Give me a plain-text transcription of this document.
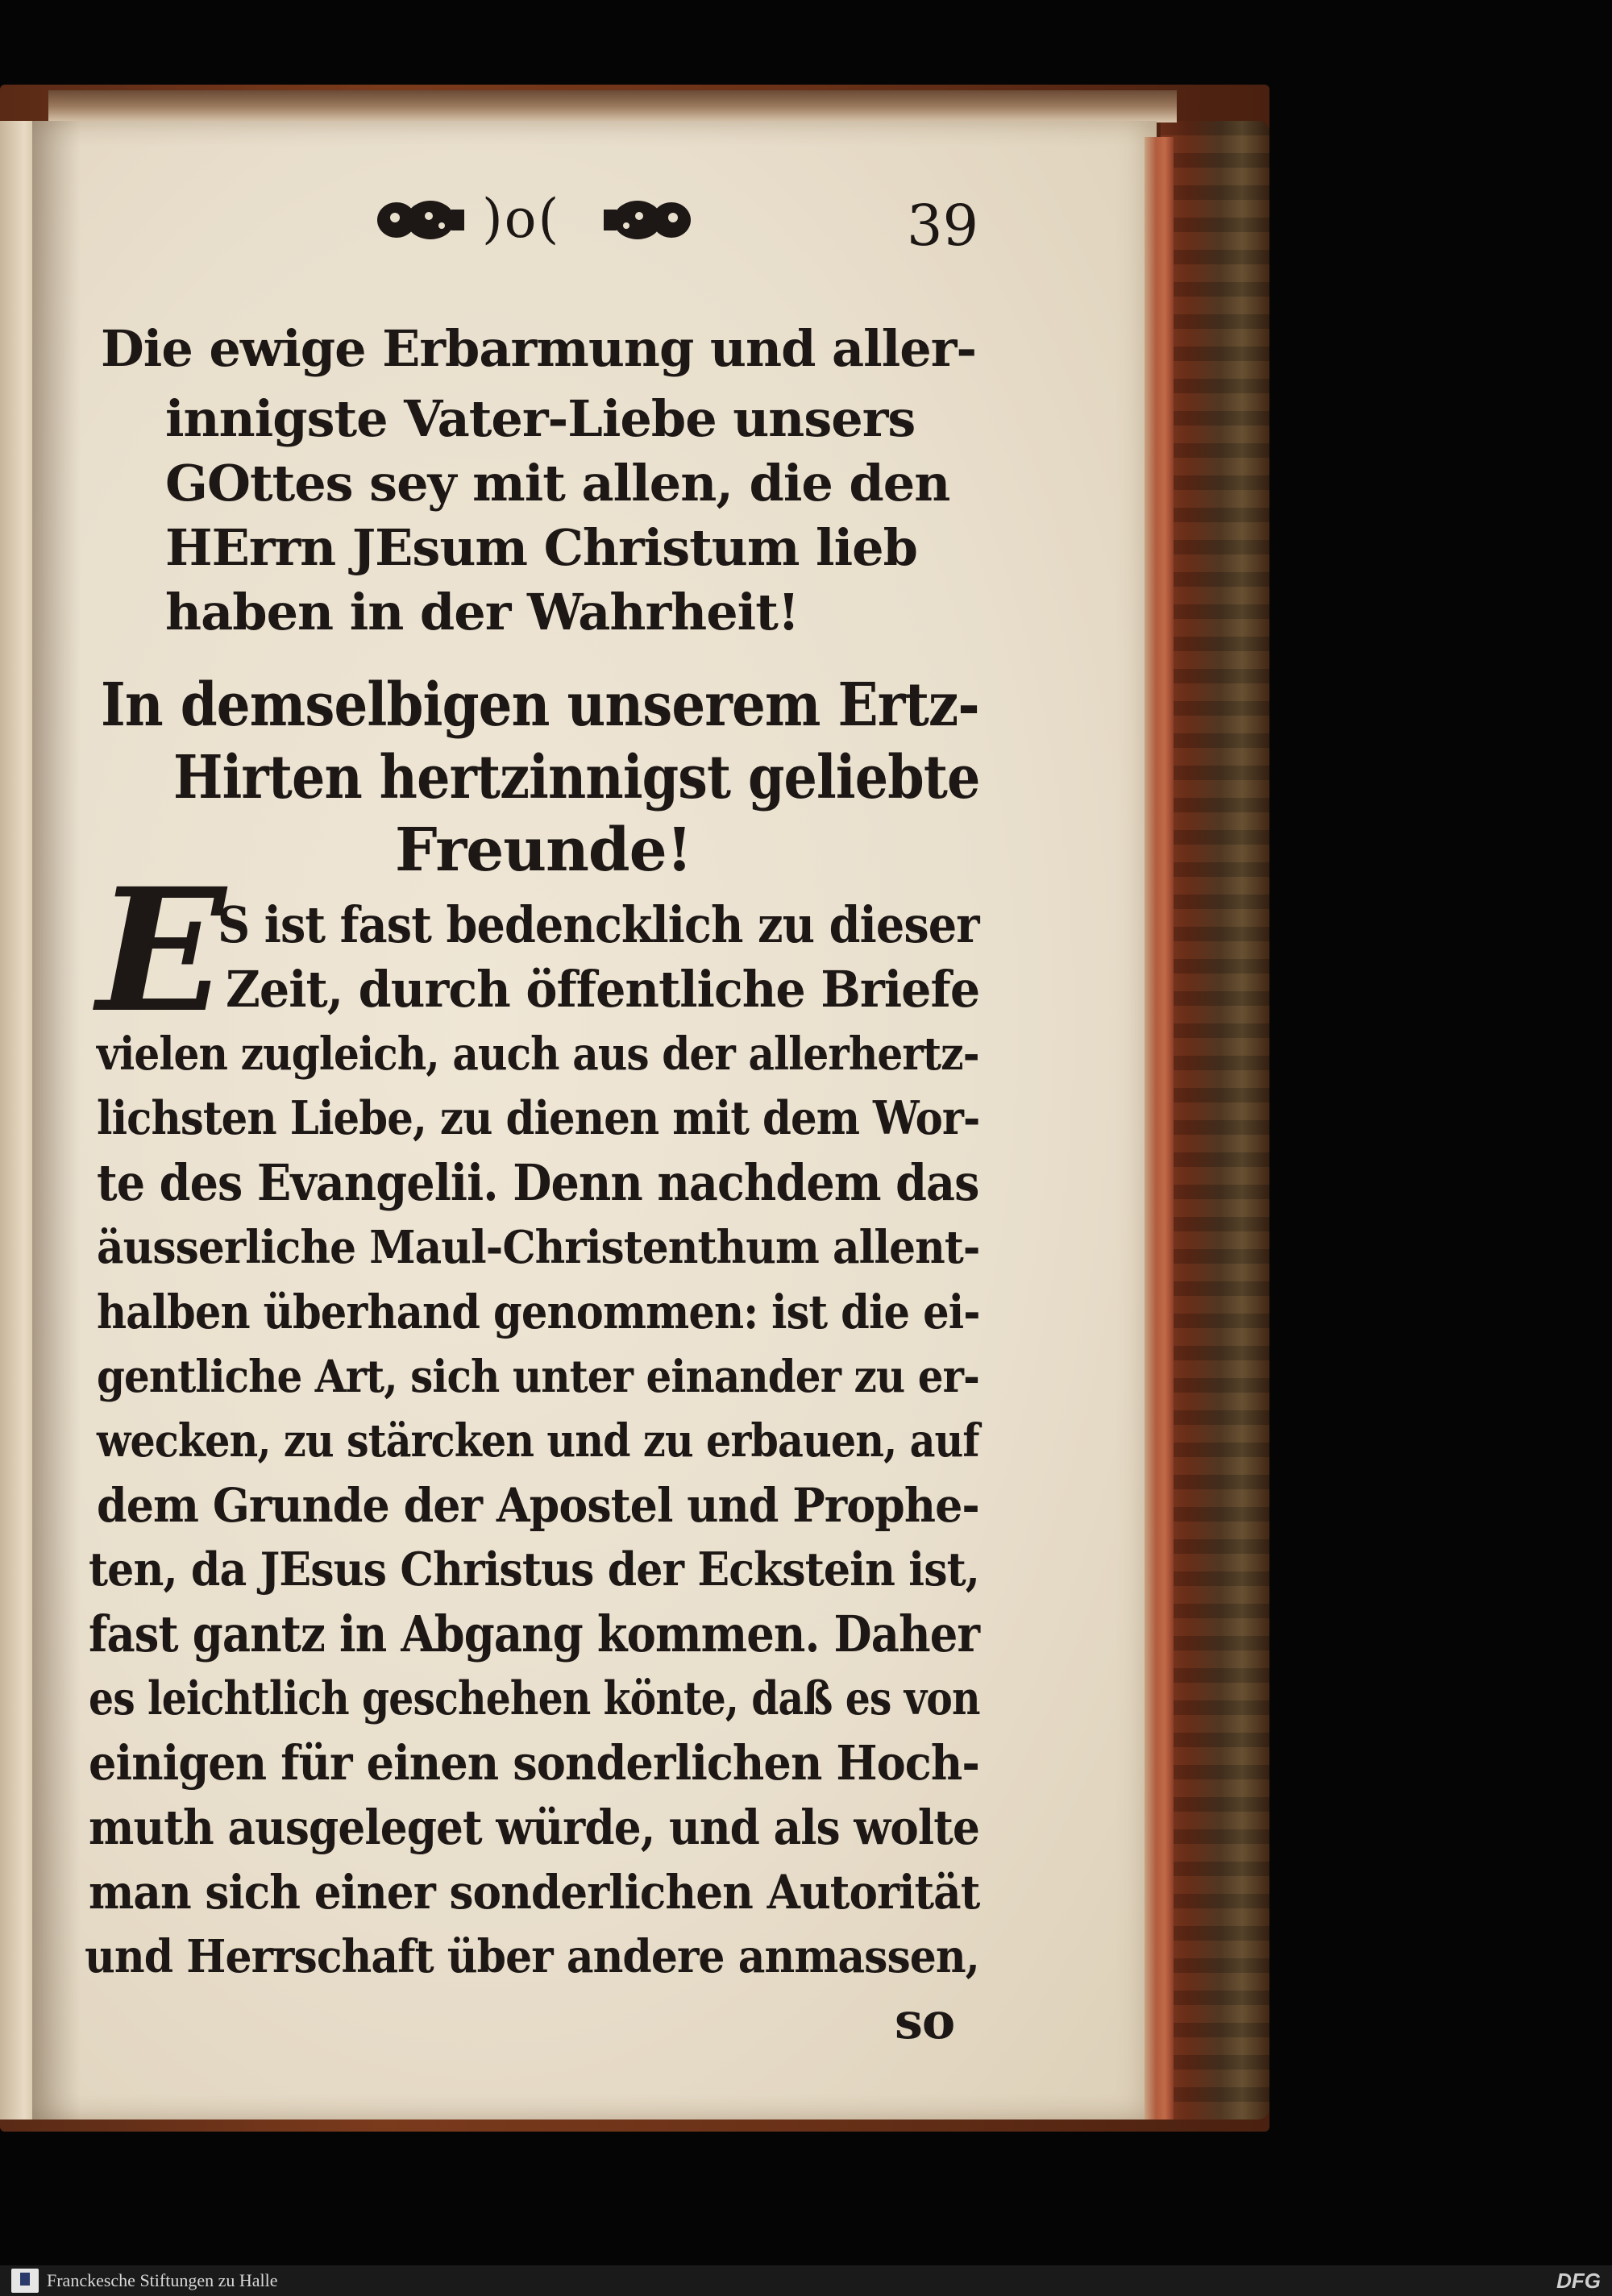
)o(	39
Die ewige Erbarmung und aller-
innigste Vater-Liebe unsers
GOttes sey mit allen, die den
HErrn JEsum Christum lieb
haben in der Wahrheit!
In demselbigen unserem Ertz-
Hirten hertzinnigst geliebte
Freunde!
E
S ist fast bedencklich zu dieser
Zeit, durch öffentliche Briefe
vielen zugleich, auch aus der allerhertz-
lichsten Liebe, zu dienen mit dem Wor-
te des Evangelii. Denn nachdem das
äusserliche Maul-Christenthum allent-
halben überhand genommen: ist die ei-
gentliche Art, sich unter einander zu er-
wecken, zu stärcken und zu erbauen, auf
dem Grunde der Apostel und Prophe-
ten, da JEsus Christus der Eckstein ist,
fast gantz in Abgang kommen. Daher
es leichtlich geschehen könte, daß es von
einigen für einen sonderlichen Hoch-
muth ausgeleget würde, und als wolte
man sich einer sonderlichen Autorität
und Herrschaft über andere anmassen,
so
Franckesche Stiftungen zu Halle	DFG
